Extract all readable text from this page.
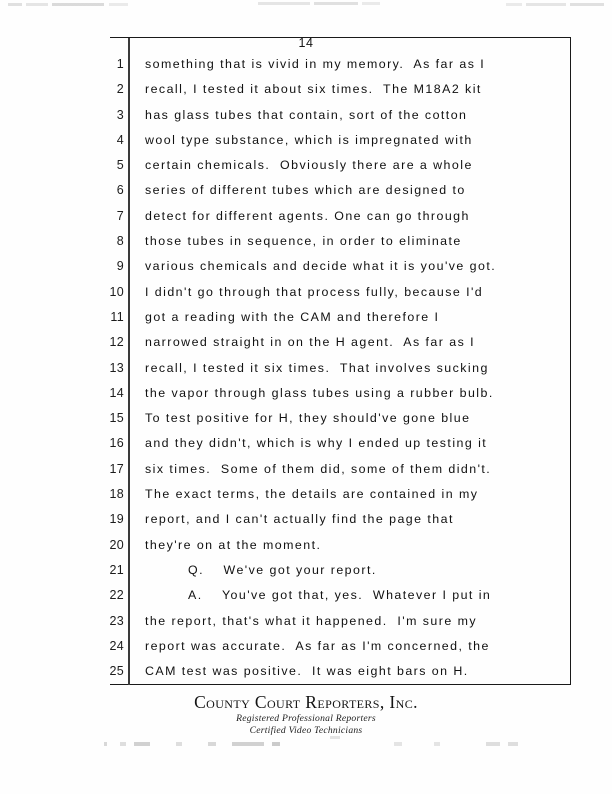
14
1 something that is vivid in my memory.  As far as I
2 recall, I tested it about six times.  The M18A2 kit
3 has glass tubes that contain, sort of the cotton
4 wool type substance, which is impregnated with
5 certain chemicals.  Obviously there are a whole
6 series of different tubes which are designed to
7 detect for different agents. One can go through
8 those tubes in sequence, in order to eliminate
9 various chemicals and decide what it is you've got.
10 I didn't go through that process fully, because I'd
11 got a reading with the CAM and therefore I
12 narrowed straight in on the H agent.  As far as I
13 recall, I tested it six times.  That involves sucking
14 the vapor through glass tubes using a rubber bulb.
15 To test positive for H, they should've gone blue
16 and they didn't, which is why I ended up testing it
17 six times.  Some of them did, some of them didn't.
18 The exact terms, the details are contained in my
19 report, and I can't actually find the page that
20 they're on at the moment.
21	Q.    We've got your report.
22	A.    You've got that, yes.  Whatever I put in
23 the report, that's what it happened.  I'm sure my
24 report was accurate.  As far as I'm concerned, the
25 CAM test was positive.  It was eight bars on H.
County Court Reporters, Inc.
Registered Professional Reporters
Certified Video Technicians
